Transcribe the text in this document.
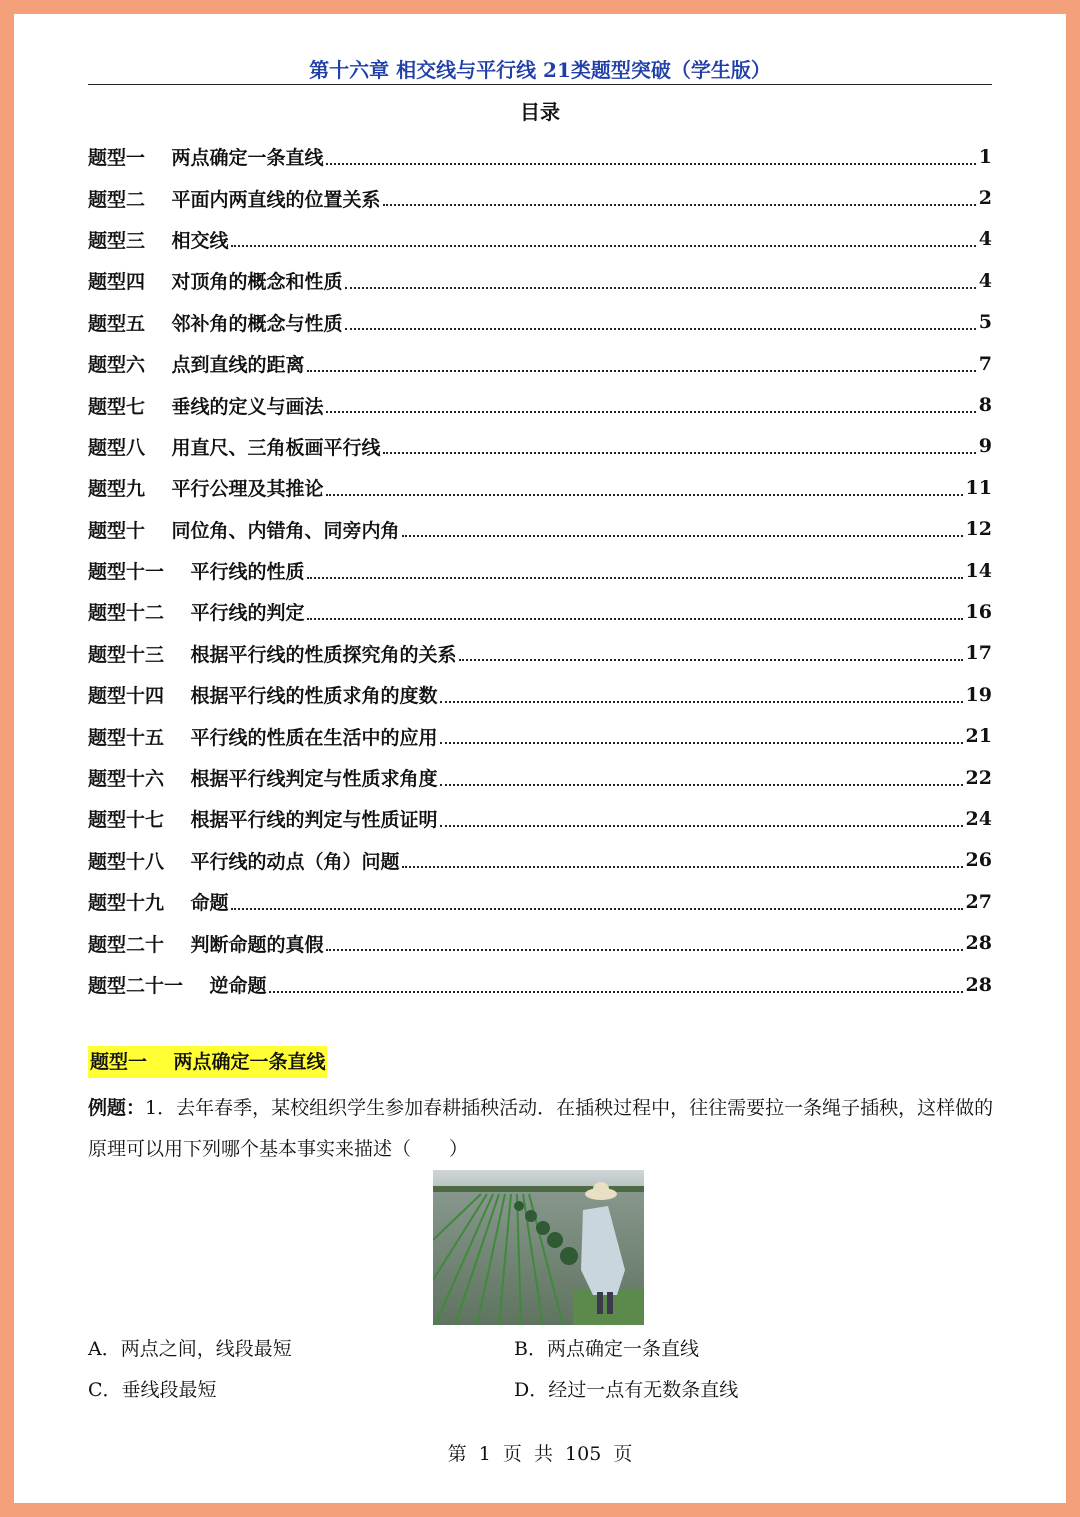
第十六章 相交线与平行线 21类题型突破（学生版）
目录
题型一    两点确定一条直线	1
题型二    平面内两直线的位置关系	2
题型三    相交线	4
题型四    对顶角的概念和性质	4
题型五    邻补角的概念与性质	5
题型六    点到直线的距离	7
题型七    垂线的定义与画法	8
题型八    用直尺、三角板画平行线	9
题型九    平行公理及其推论	11
题型十    同位角、内错角、同旁内角	12
题型十一    平行线的性质	14
题型十二    平行线的判定	16
题型十三    根据平行线的性质探究角的关系	17
题型十四    根据平行线的性质求角的度数	19
题型十五    平行线的性质在生活中的应用	21
题型十六    根据平行线判定与性质求角度	22
题型十七    根据平行线的判定与性质证明	24
题型十八    平行线的动点（角）问题	26
题型十九    命题	27
题型二十    判断命题的真假	28
题型二十一    逆命题	28
题型一    两点确定一条直线
例题：1．去年春季，某校组织学生参加春耕插秧活动．在插秧过程中，往往需要拉一条绳子插秧，这样做的原理可以用下列哪个基本事实来描述（　　）
A．两点之间，线段最短	B．两点确定一条直线
C．垂线段最短	D．经过一点有无数条直线
第  1  页  共  105  页
